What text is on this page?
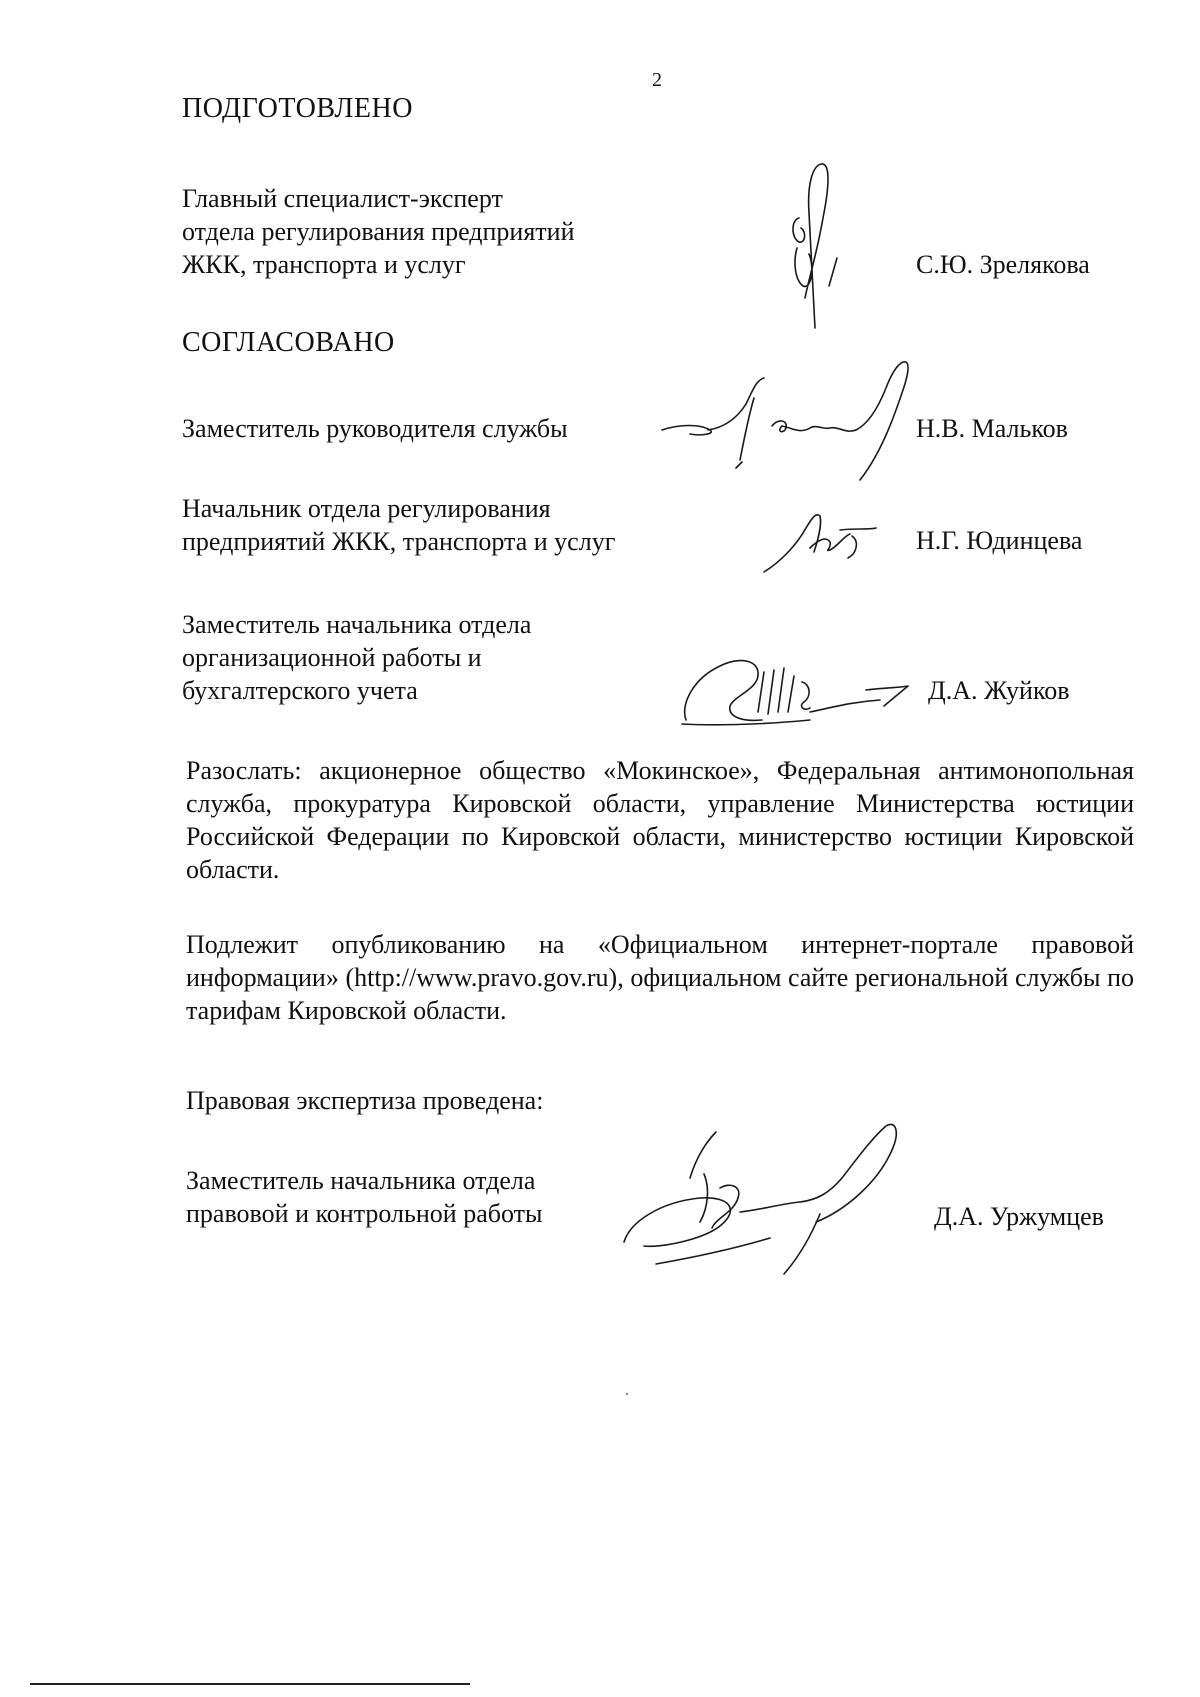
2
ПОДГОТОВЛЕНО
Главный специалист-эксперт
отдела регулирования предприятий
ЖКК, транспорта и услуг	С.Ю. Зрелякова
СОГЛАСОВАНО
Заместитель руководителя службы	Н.В. Мальков
Начальник отдела регулирования
предприятий ЖКК, транспорта и услуг	Н.Г. Юдинцева
Заместитель начальника отдела
организационной работы и
бухгалтерского учета	Д.А. Жуйков

Разослать: акционерное общество «Мокинское», Федеральная антимонопольная служба, прокуратура Кировской области, управление Министерства юстиции Российской Федерации по Кировской области, министерство юстиции Кировской области.

Подлежит опубликованию на «Официальном интернет-портале правовой информации» (http://www.pravo.gov.ru), официальном сайте региональной службы по тарифам Кировской области.

Правовая экспертиза проведена:
Заместитель начальника отдела
правовой и контрольной работы	Д.А. Уржумцев
